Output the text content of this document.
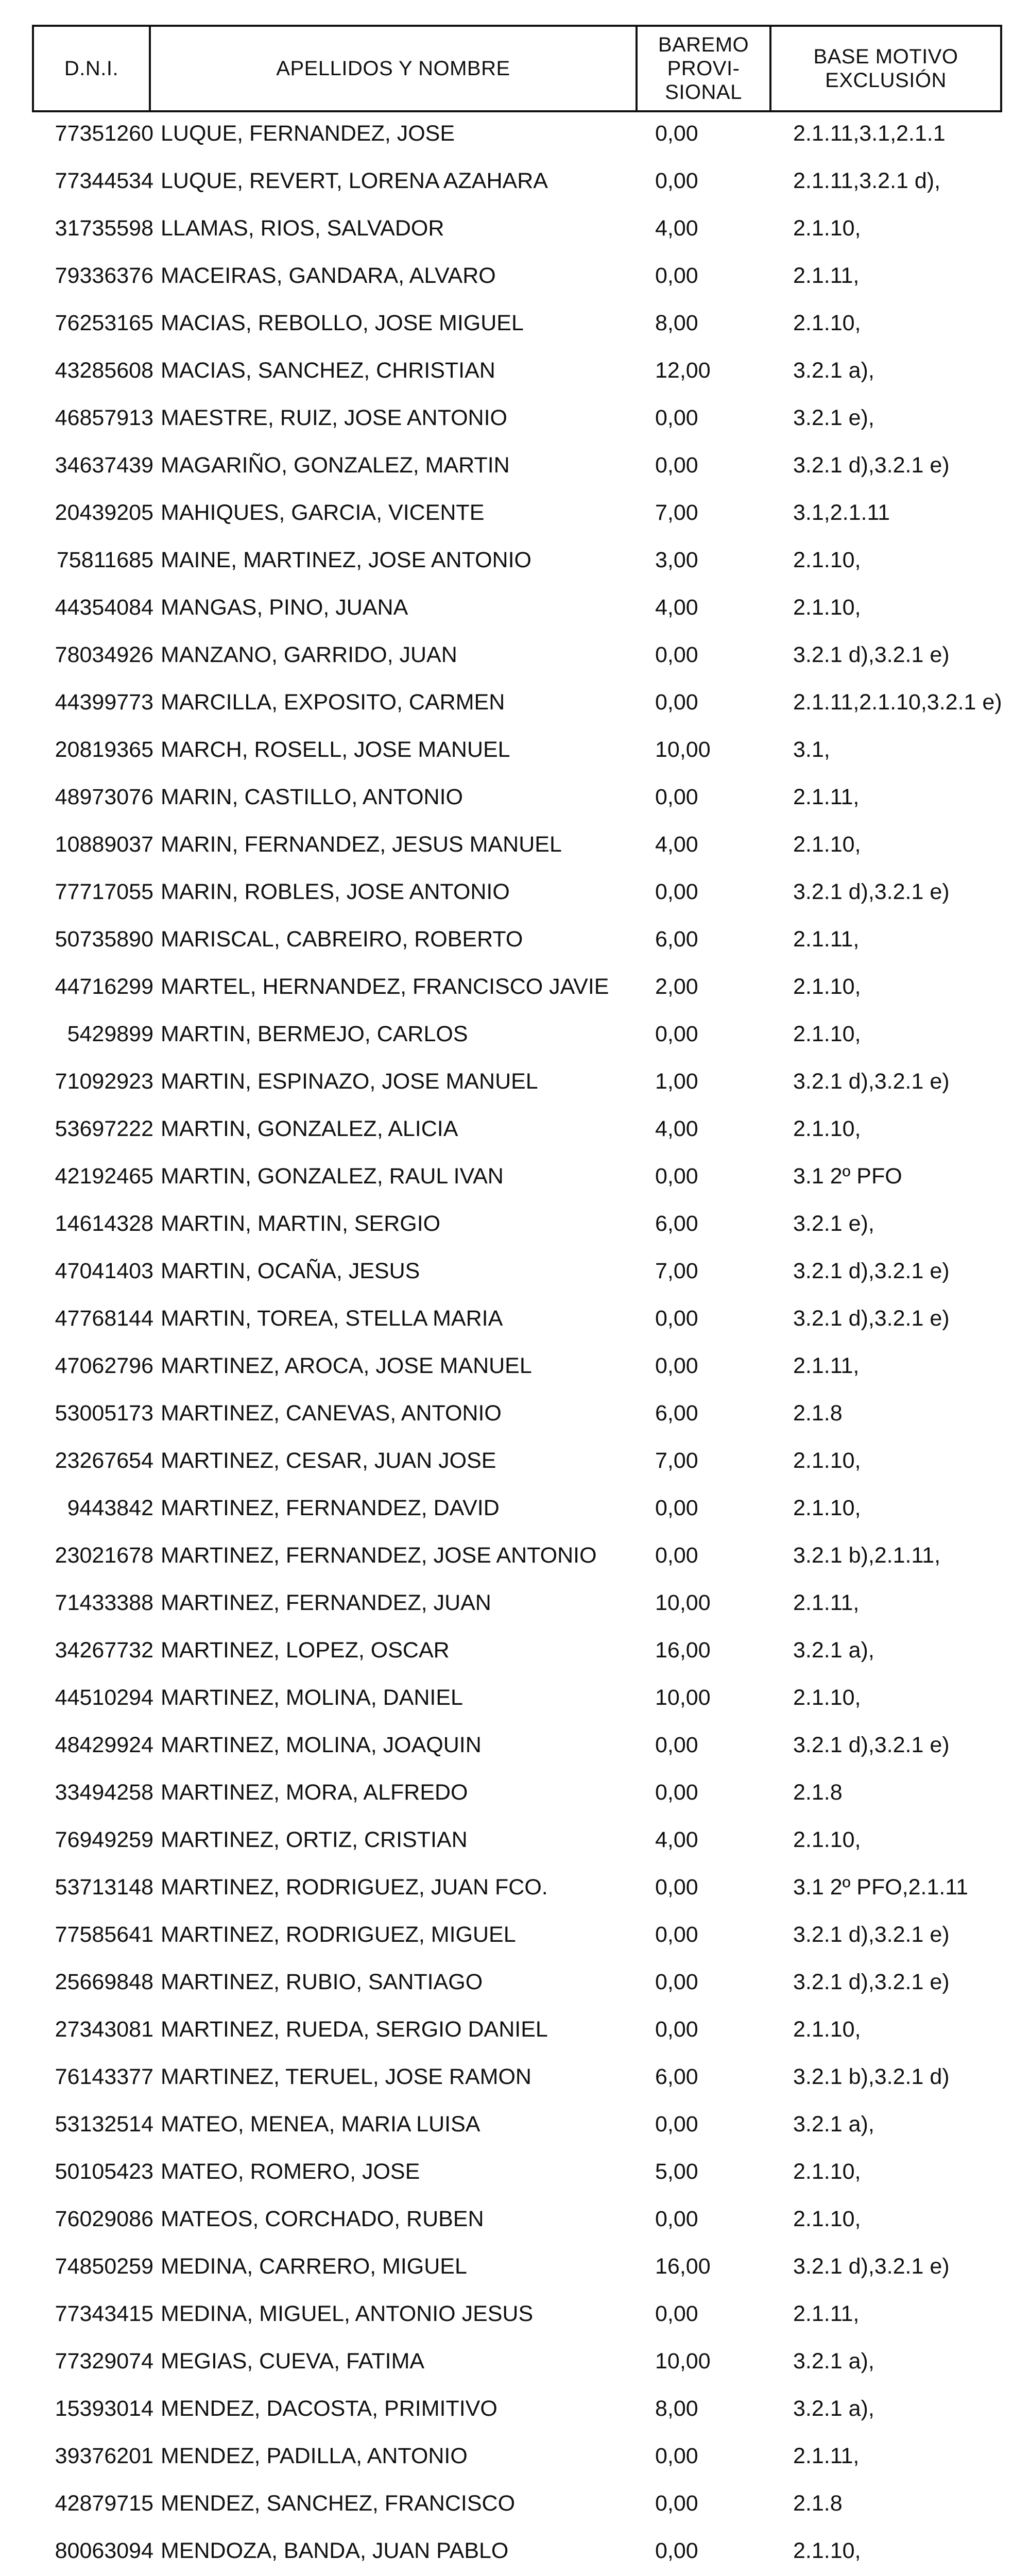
D.N.I.	APELLIDOS Y NOMBRE
BAREMO
PROVI-
SIONAL
BASE MOTIVO
EXCLUSIÓN
77351260 LUQUE, FERNANDEZ, JOSE	0,00	2.1.11,3.1,2.1.1
77344534 LUQUE, REVERT, LORENA AZAHARA	0,00	2.1.11,3.2.1 d),
31735598 LLAMAS, RIOS, SALVADOR	4,00	2.1.10,
79336376 MACEIRAS, GANDARA, ALVARO	0,00	2.1.11,
76253165 MACIAS, REBOLLO, JOSE MIGUEL	8,00	2.1.10,
43285608 MACIAS, SANCHEZ, CHRISTIAN	12,00	3.2.1 a),
46857913 MAESTRE, RUIZ, JOSE ANTONIO	0,00	3.2.1 e),
34637439 MAGARIÑO, GONZALEZ, MARTIN	0,00	3.2.1 d),3.2.1 e)
20439205 MAHIQUES, GARCIA, VICENTE	7,00	3.1,2.1.11
75811685 MAINE, MARTINEZ, JOSE ANTONIO	3,00	2.1.10,
44354084 MANGAS, PINO, JUANA	4,00	2.1.10,
78034926 MANZANO, GARRIDO, JUAN	0,00	3.2.1 d),3.2.1 e)
44399773 MARCILLA, EXPOSITO, CARMEN	0,00	2.1.11,2.1.10,3.2.1 e)
20819365 MARCH, ROSELL, JOSE MANUEL	10,00	3.1,
48973076 MARIN, CASTILLO, ANTONIO	0,00	2.1.11,
10889037 MARIN, FERNANDEZ, JESUS MANUEL	4,00	2.1.10,
77717055 MARIN, ROBLES, JOSE ANTONIO	0,00	3.2.1 d),3.2.1 e)
50735890 MARISCAL, CABREIRO, ROBERTO	6,00	2.1.11,
44716299 MARTEL, HERNANDEZ, FRANCISCO JAVIE 2,00	2.1.10,
5429899 MARTIN, BERMEJO, CARLOS	0,00	2.1.10,
71092923 MARTIN, ESPINAZO, JOSE MANUEL	1,00	3.2.1 d),3.2.1 e)
53697222 MARTIN, GONZALEZ, ALICIA	4,00	2.1.10,
42192465 MARTIN, GONZALEZ, RAUL IVAN	0,00	3.1 2º PFO
14614328 MARTIN, MARTIN, SERGIO	6,00	3.2.1 e),
47041403 MARTIN, OCAÑA, JESUS	7,00	3.2.1 d),3.2.1 e)
47768144 MARTIN, TOREA, STELLA MARIA	0,00	3.2.1 d),3.2.1 e)
47062796 MARTINEZ, AROCA, JOSE MANUEL	0,00	2.1.11,
53005173 MARTINEZ, CANEVAS, ANTONIO	6,00	2.1.8
23267654 MARTINEZ, CESAR, JUAN JOSE	7,00	2.1.10,
9443842 MARTINEZ, FERNANDEZ, DAVID	0,00	2.1.10,
23021678 MARTINEZ, FERNANDEZ, JOSE ANTONIO	0,00	3.2.1 b),2.1.11,
71433388 MARTINEZ, FERNANDEZ, JUAN	10,00	2.1.11,
34267732 MARTINEZ, LOPEZ, OSCAR	16,00	3.2.1 a),
44510294 MARTINEZ, MOLINA, DANIEL	10,00	2.1.10,
48429924 MARTINEZ, MOLINA, JOAQUIN	0,00	3.2.1 d),3.2.1 e)
33494258 MARTINEZ, MORA, ALFREDO	0,00	2.1.8
76949259 MARTINEZ, ORTIZ, CRISTIAN	4,00	2.1.10,
53713148 MARTINEZ, RODRIGUEZ, JUAN FCO.	0,00	3.1 2º PFO,2.1.11
77585641 MARTINEZ, RODRIGUEZ, MIGUEL	0,00	3.2.1 d),3.2.1 e)
25669848 MARTINEZ, RUBIO, SANTIAGO	0,00	3.2.1 d),3.2.1 e)
27343081 MARTINEZ, RUEDA, SERGIO DANIEL	0,00	2.1.10,
76143377 MARTINEZ, TERUEL, JOSE RAMON	6,00	3.2.1 b),3.2.1 d)
53132514 MATEO, MENEA, MARIA LUISA	0,00	3.2.1 a),
50105423 MATEO, ROMERO, JOSE	5,00	2.1.10,
76029086 MATEOS, CORCHADO, RUBEN	0,00	2.1.10,
74850259 MEDINA, CARRERO, MIGUEL	16,00	3.2.1 d),3.2.1 e)
77343415 MEDINA, MIGUEL, ANTONIO JESUS	0,00	2.1.11,
77329074 MEGIAS, CUEVA, FATIMA	10,00	3.2.1 a),
15393014 MENDEZ, DACOSTA, PRIMITIVO	8,00	3.2.1 a),
39376201 MENDEZ, PADILLA, ANTONIO	0,00	2.1.11,
42879715 MENDEZ, SANCHEZ, FRANCISCO	0,00	2.1.8
80063094 MENDOZA, BANDA, JUAN PABLO	0,00	2.1.10,
